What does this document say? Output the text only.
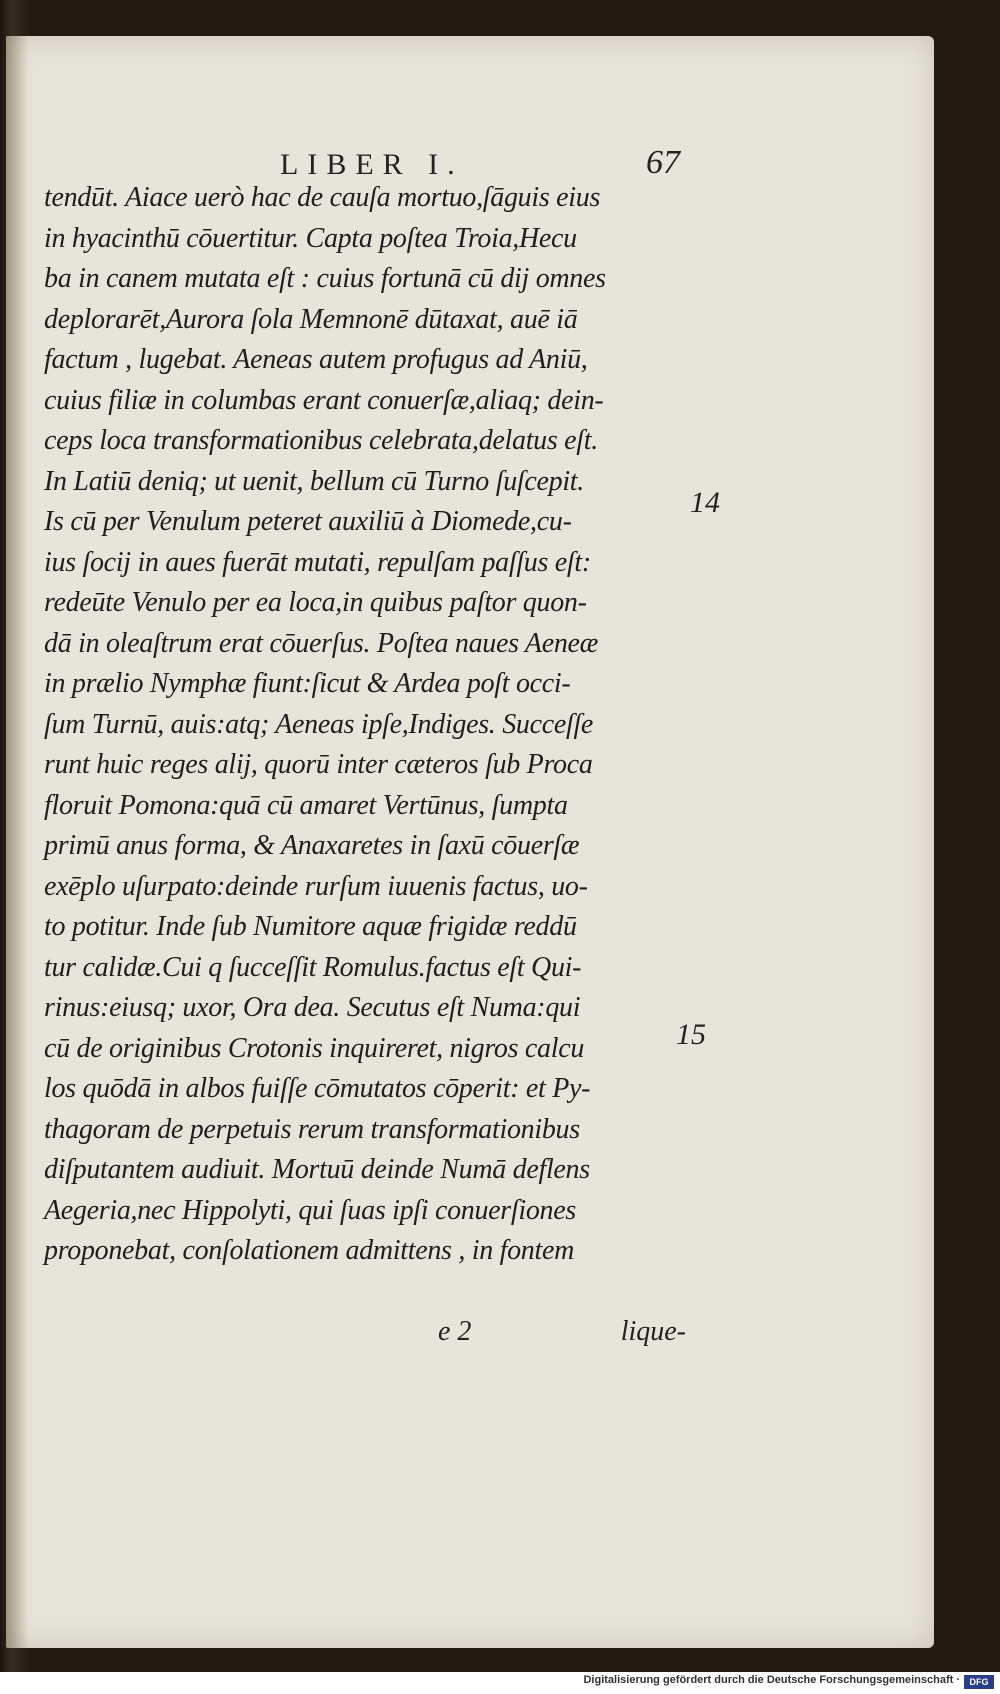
LIBER I.	67
tendūt. Aiace uerò hac de cauſa mortuo,ſāguis eius
in hyacinthū cōuertitur. Capta poſtea Troia,Hecu
ba in canem mutata eſt : cuius fortunā cū dij omnes
deplorarēt,Aurora ſola Memnonē dūtaxat, auē iā
factum , lugebat. Aeneas autem profugus ad Aniū,
cuius filiæ in columbas erant conuerſæ,aliaq; dein-
ceps loca transformationibus celebrata,delatus eſt.
In Latiū deniq; ut uenit, bellum cū Turno ſuſcepit.
Is cū per Venulum peteret auxiliū à Diomede,cu-
ius ſocij in aues fuerāt mutati, repulſam paſſus eſt:
redeūte Venulo per ea loca,in quibus paſtor quon-
dā in oleaſtrum erat cōuerſus. Poſtea naues Aeneæ
in prælio Nymphæ fiunt:ſicut & Ardea poſt occi-
ſum Turnū, auis:atq; Aeneas ipſe,Indiges. Succeſſe
runt huic reges alij, quorū inter cæteros ſub Proca
floruit Pomona:quā cū amaret Vertūnus, ſumpta
primū anus forma, & Anaxaretes in ſaxū cōuerſæ
exēplo uſurpato:deinde rurſum iuuenis factus, uo-
to potitur. Inde ſub Numitore aquæ frigidæ reddū
tur calidæ.Cui q ſucceſſit Romulus.factus eſt Qui-
rinus:eiusq; uxor, Ora dea. Secutus eſt Numa:qui
cū de originibus Crotonis inquireret, nigros calcu
los quōdā in albos fuiſſe cōmutatos cōperit: et Py-
thagoram de perpetuis rerum transformationibus
diſputantem audiuit. Mortuū deinde Numā deflens
Aegeria,nec Hippolyti, qui ſuas ipſi conuerſiones
proponebat, conſolationem admittens , in fontem
14
15
e 2	lique-
Digitalisierung gefördert durch die Deutsche Forschungsgemeinschaft ·	DFG
